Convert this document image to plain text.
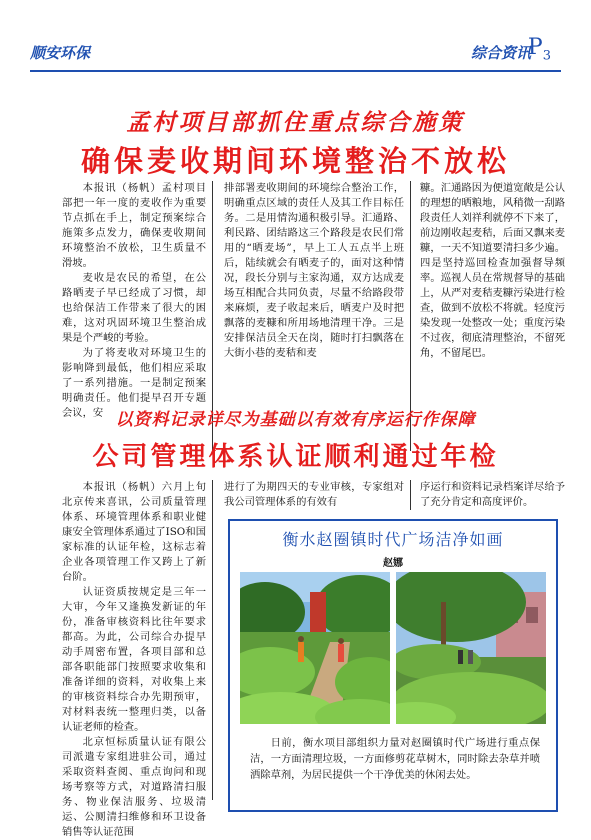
顺安环保	综合资讯
$P_3$
孟村项目部抓住重点综合施策
确保麦收期间环境整治不放松

本报讯（杨帆）孟村项目部把一年一度的麦收作为重要节点抓在手上，制定预案综合施策多点发力，确保麦收期间环境整治不放松，卫生质量不滑坡。

麦收是农民的希望，在公路晒麦子早已经成了习惯，却也给保洁工作带来了很大的困难，这对巩固环境卫生整治成果是个严峻的考验。

为了将麦收对环境卫生的影响降到最低，他们相应采取了一系列措施。一是制定预案明确责任。他们提早召开专题会议，安

排部署麦收期间的环境综合整治工作，明确重点区域的责任人及其工作目标任务。二是用情沟通积极引导。汇通路、利民路、团结路这三个路段是农民们常用的“晒麦场”，早上工人五点半上班后，陆续就会有晒麦子的，面对这种情况，段长分别与主家沟通，双方达成麦场互相配合共同负责，尽量不给路段带来麻烦，麦子收起来后，晒麦户及时把飘落的麦糠和所用场地清理干净。三是安排保洁员全天在岗，随时打扫飘落在大街小巷的麦秸和麦

糠。汇通路因为便道宽敞是公认的理想的晒粮地，风稍微一刮路段责任人刘祥利就停不下来了，前边刚收起麦秸，后面又飘来麦糠，一天不知道要清扫多少遍。四是坚持巡回检查加强督导频率。巡视人员在常规督导的基础上，从严对麦秸麦糠污染进行检查，做到不放松不将就。轻度污染发现一处整改一处；重度污染不过夜，彻底清理整治，不留死角，不留尾巴。

以资料记录详尽为基础以有效有序运行作保障
公司管理体系认证顺利通过年检

本报讯（杨帆）六月上旬北京传来喜讯，公司质量管理体系、环境管理体系和职业健康安全管理体系通过了ISO和国家标准的认证年检，这标志着企业各项管理工作又跨上了新台阶。

认证资质按规定是三年一大审，今年又逢换发新证的年份，准备审核资料比往年要求都高。为此，公司综合办提早动手周密布置，各项目部和总部各职能部门按照要求收集和准备详细的资料，对收集上来的审核资料综合办先期预审，对材料表统一整理归类，以备认证老师的检查。

北京恒标质量认证有限公司派遣专家组进驻公司，通过采取资料查阅、重点询问和现场考察等方式，对道路清扫服务、物业保洁服务、垃圾清运、公厕清扫维修和环卫设备销售等认证范围

进行了为期四天的专业审核，专家组对我公司管理体系的有效有

序运行和资料记录档案详尽给予了充分肯定和高度评价。

衡水赵圈镇时代广场洁净如画
赵娜

日前，衡水项目部组织力量对赵圈镇时代广场进行重点保洁，一方面清理垃圾，一方面修剪花草树木，同时除去杂草并喷洒除草剂，为居民提供一个干净优美的休闲去处。
